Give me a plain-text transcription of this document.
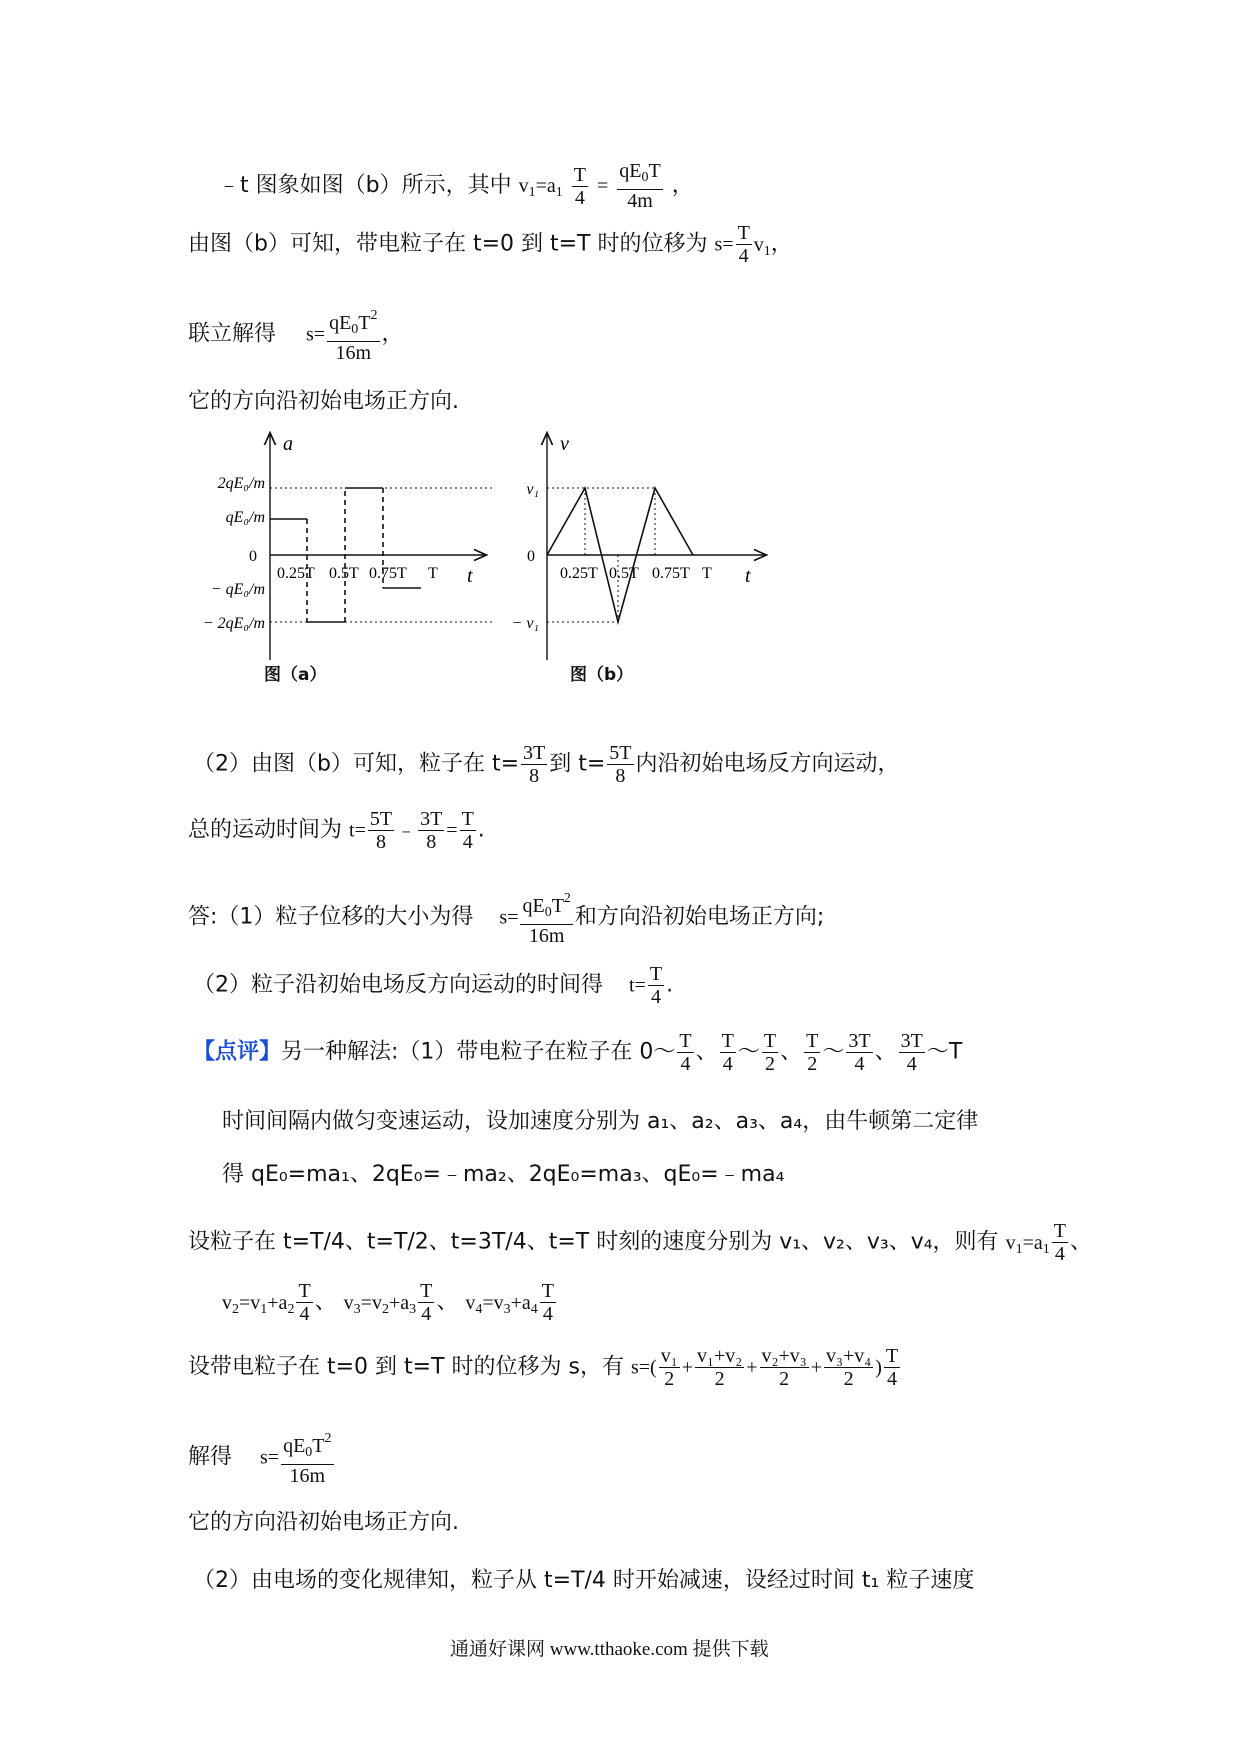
﹣t 图象如图（b）所示，其中 $v_1=a_1 \frac{T}{4} = \frac{qE_0T}{4m}$ ，
由图（b）可知，带电粒子在 t=0 到 t=T 时的位移为 $s= \frac{T}{4} v_1$，
联立解得 $s= \frac{qE_0T^2}{16m}$ ，
它的方向沿初始电场正方向.
a
t
2qE₀/m
qE₀/m
0
− qE₀/m
− 2qE₀/m
0.25T 0.5T 0.75T T
图（a）
v
t
v₁
0
− v₁
0.25T 0.5T 0.75T T
图（b）
（2）由图（b）可知，粒子在 $t= \frac{3T}{8}$ 到 $t= \frac{5T}{8}$ 内沿初始电场反方向运动，
总的运动时间为 $t= \frac{5T}{8}$ ﹣ $\frac{3T}{8} = \frac{T}{4}$ .
答:（1）粒子位移的大小为得 $s= \frac{qE_0T^2}{16m}$ 和方向沿初始电场正方向;
（2）粒子沿初始电场反方向运动的时间得 $t= \frac{T}{4}$ .
【点评】另一种解法:（1）带电粒子在粒子在 0～ $\frac{T}{4}$ 、 $\frac{T}{4}$ ～ $\frac{T}{2}$ 、 $\frac{T}{2}$ ～ $\frac{3T}{4}$ 、 $\frac{3T}{4}$ ～T
时间间隔内做匀变速运动，设加速度分别为 a₁、a₂、a₃、a₄，由牛顿第二定律
得 qE₀=ma₁、2qE₀=﹣ma₂、2qE₀=ma₃、qE₀=﹣ma₄
设粒子在 t=T/4、t=T/2、t=3T/4、t=T 时刻的速度分别为 v₁、v₂、v₃、v₄，则有 $v_1=a_1 \frac{T}{4}$ 、
$v_2=v_1+a_2 \frac{T}{4}$ 、 $v_3=v_2+a_3 \frac{T}{4}$ 、 $v_4=v_3+a_4 \frac{T}{4}$
设带电粒子在 t=0 到 t=T 时的位移为 s，有 $s=( \frac{\text{v₁}}{2} + \frac{\text{v₁+v₂}}{2} + \frac{\text{v₂+v₃}}{2} + \frac{\text{v₃+v₄}}{2}$ ) $\frac{T}{4}$
解得 $s= \frac{qE_0T^2}{16m}$
它的方向沿初始电场正方向.
（2）由电场的变化规律知，粒子从 t=T/4 时开始减速，设经过时间 t₁ 粒子速度
通通好课网 www.tthaoke.com 提供下载
